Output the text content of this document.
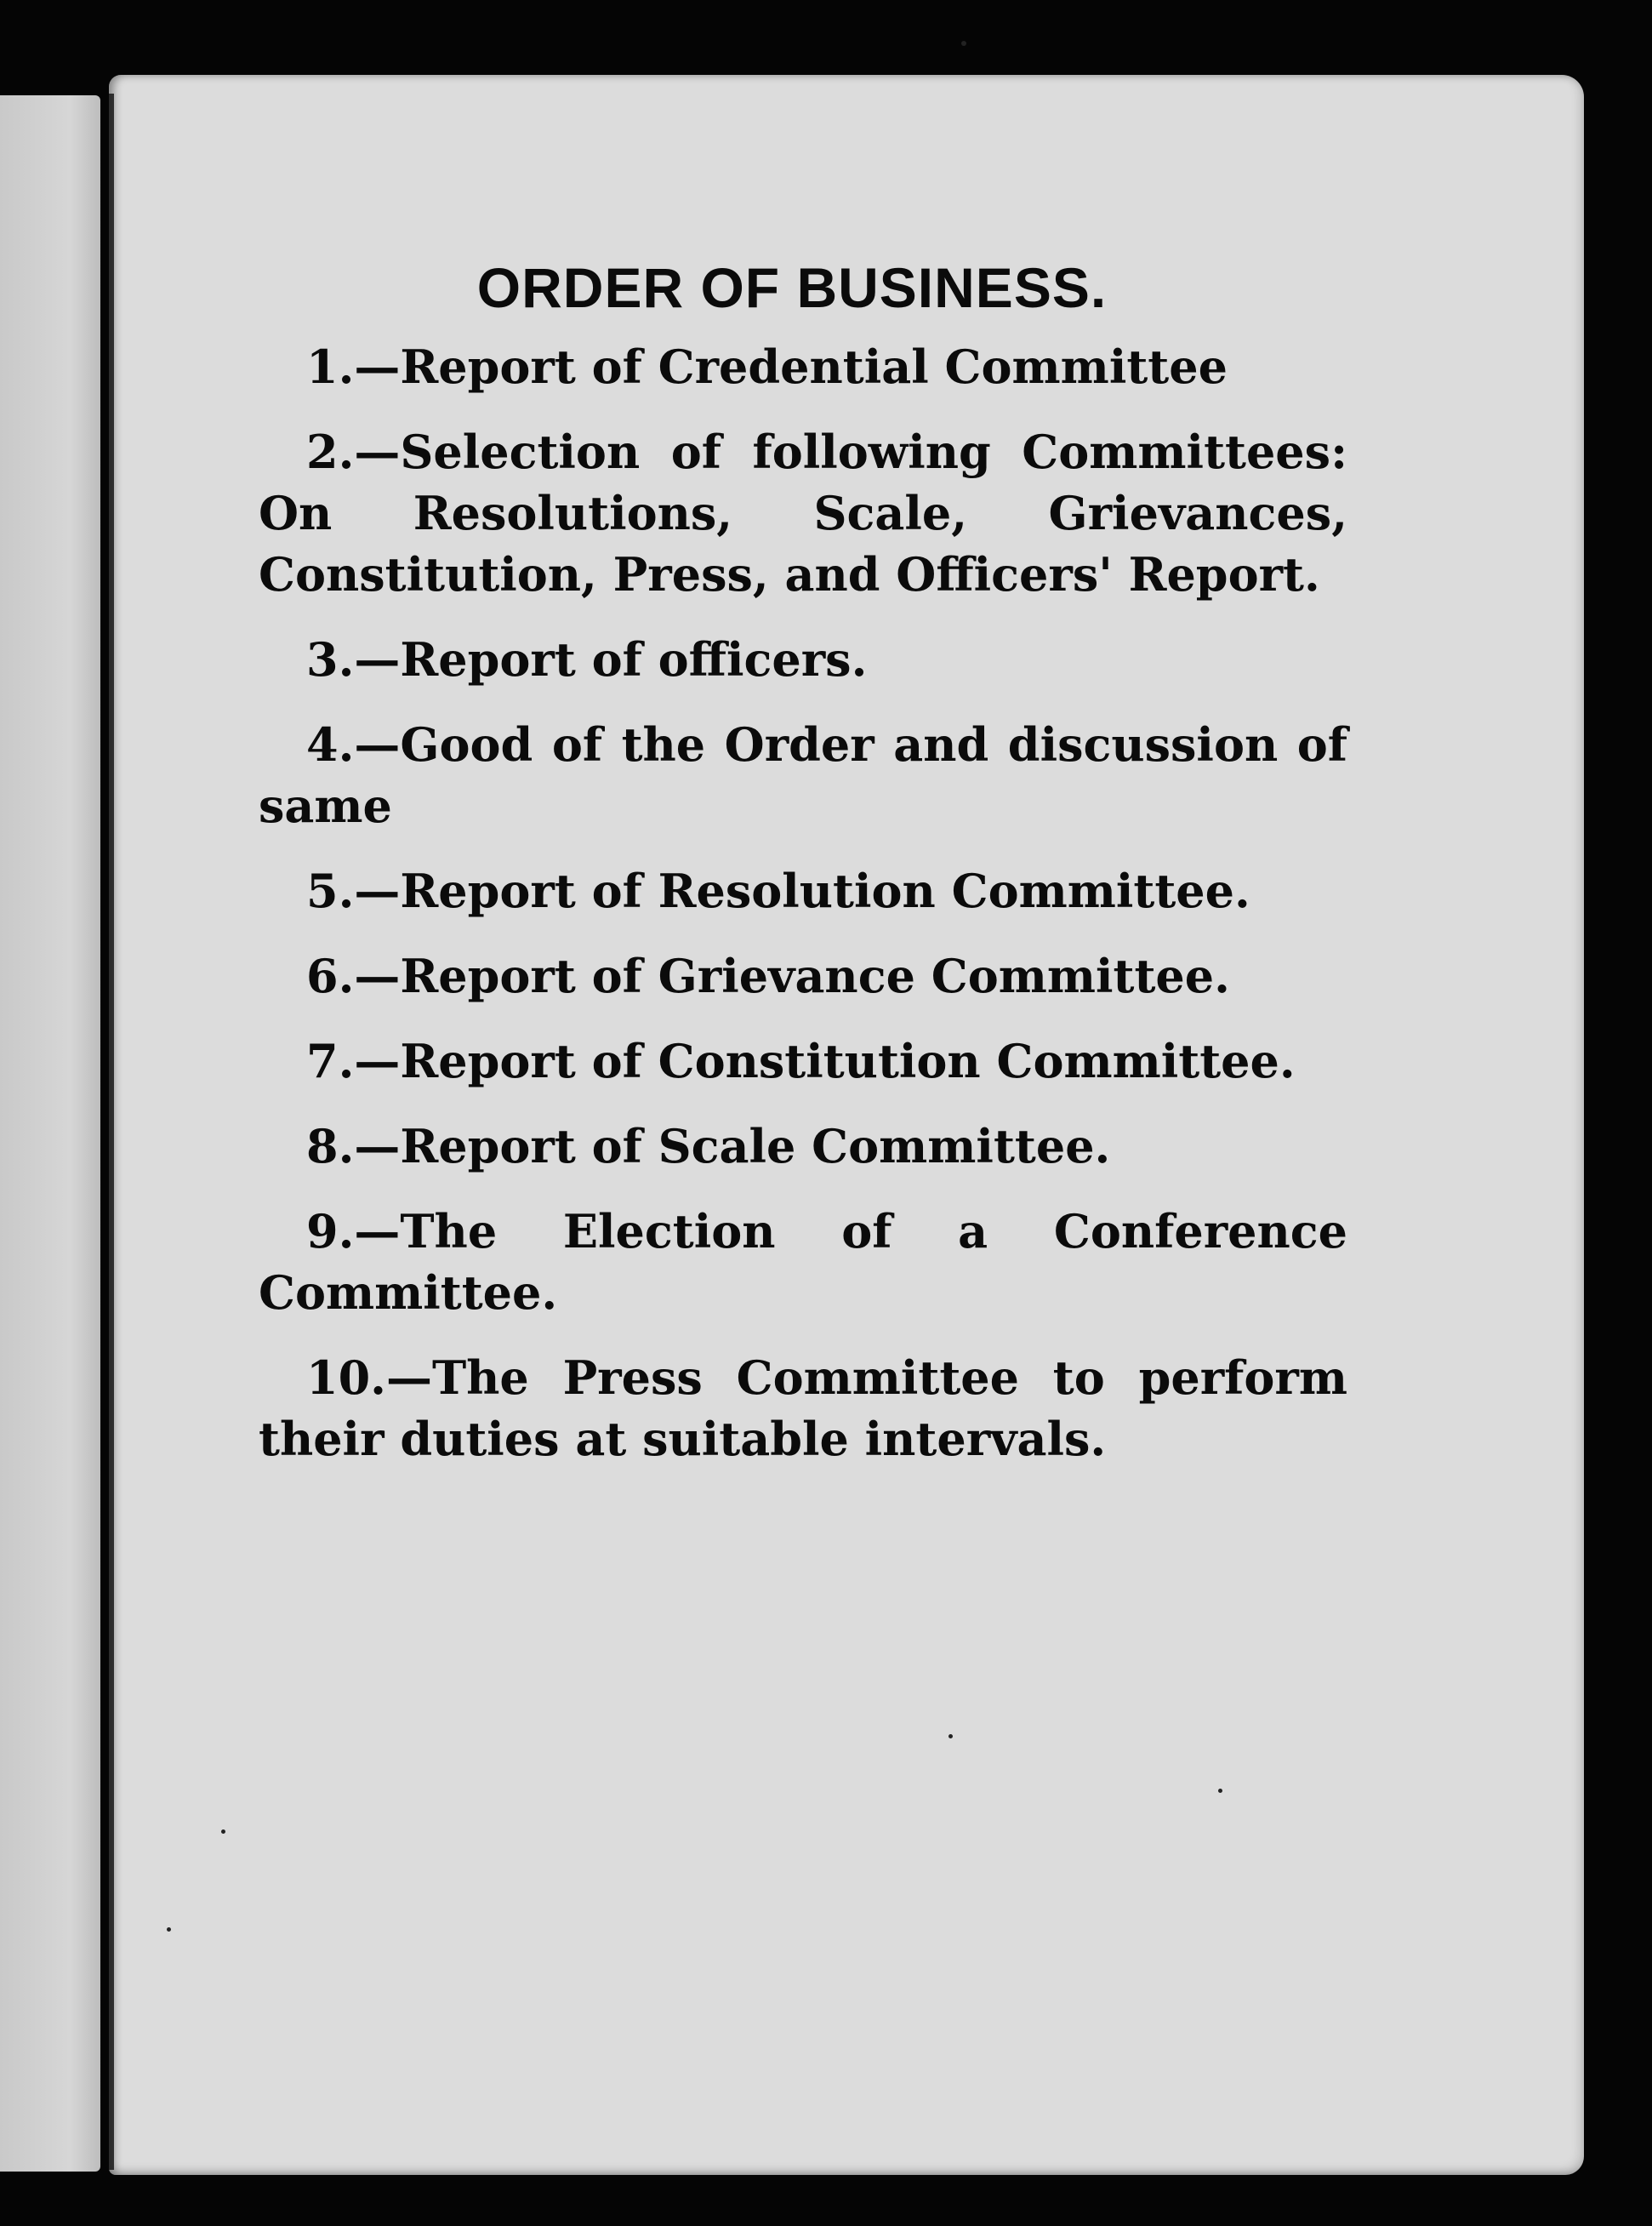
ORDER OF BUSINESS.
1.—Report of Credential Committee
2.—Selection of following Committees: On Resolutions, Scale, Grievances, Constitution, Press, and Officers' Report.
3.—Report of officers.
4.—Good of the Order and discussion of same
5.—Report of Resolution Committee.
6.—Report of Grievance Committee.
7.—Report of Constitution Committee.
8.—Report of Scale Committee.
9.—The Election of a Conference Committee.
10.—The Press Committee to perform their duties at suitable intervals.
